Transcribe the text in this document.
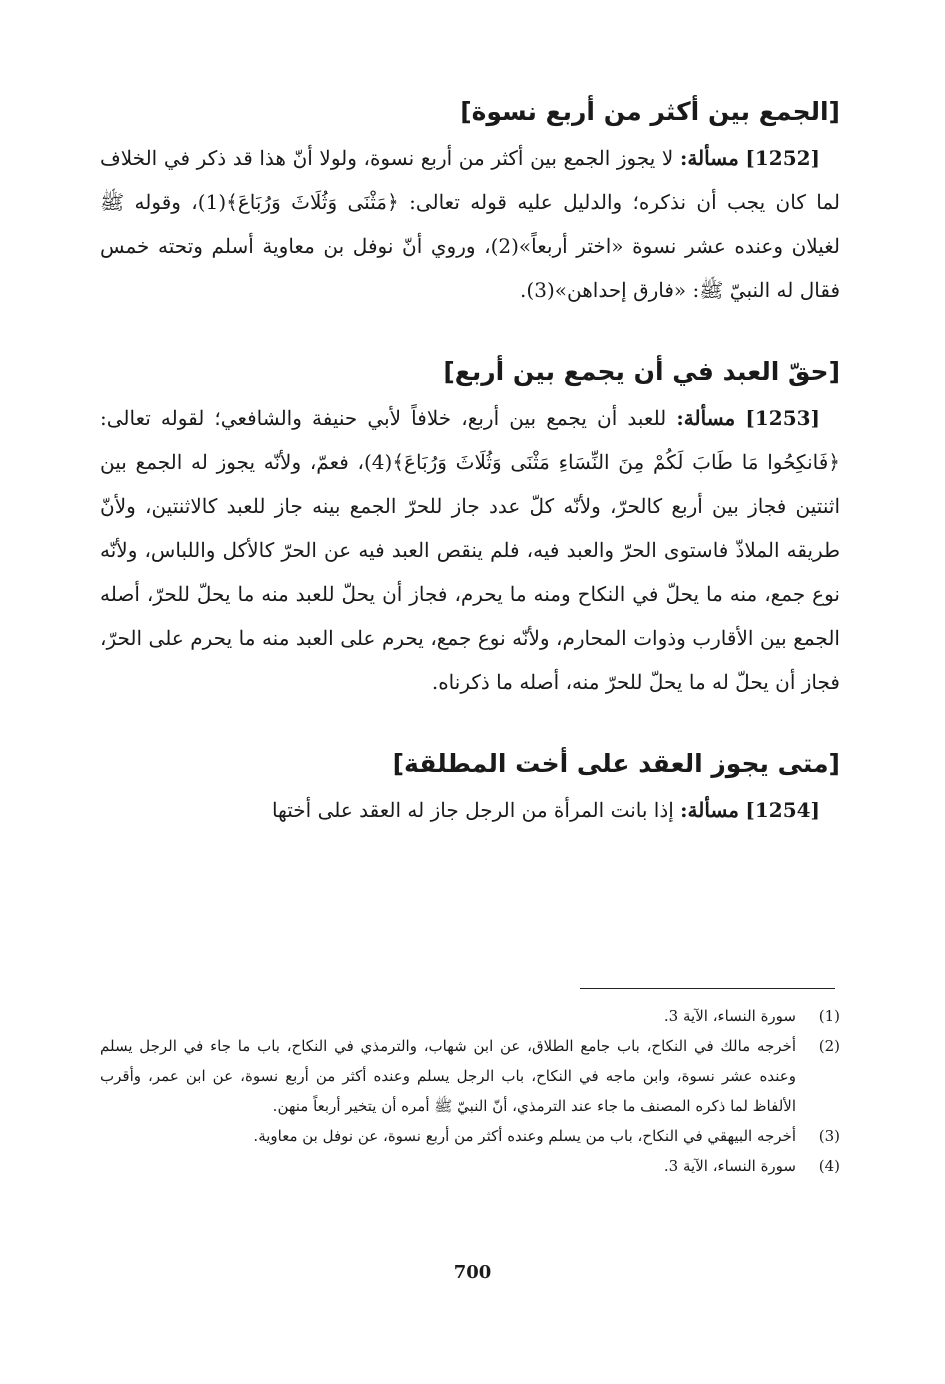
[الجمع بين أكثر من أربع نسوة]

 [1252] مسألة: لا يجوز الجمع بين أكثر من أربع نسوة، ولولا أنّ هذا قد ذكر في الخلاف لما كان يجب أن نذكره؛ والدليل عليه قوله تعالى: ﴿مَثْنَى وَثُلَاثَ وَرُبَاعَ﴾(1)، وقوله ﷺ لغيلان وعنده عشر نسوة «اختر أربعاً»(2)، وروي أنّ نوفل بن معاوية أسلم وتحته خمس فقال له النبيّ ﷺ: «فارق إحداهن»(3).

[حقّ العبد في أن يجمع بين أربع]

 [1253] مسألة: للعبد أن يجمع بين أربع، خلافاً لأبي حنيفة والشافعي؛ لقوله تعالى: ﴿فَانكِحُوا مَا طَابَ لَكُمْ مِنَ النِّسَاءِ مَثْنَى وَثُلَاثَ وَرُبَاعَ﴾(4)، فعمّ، ولأنّه يجوز له الجمع بين اثنتين فجاز بين أربع كالحرّ، ولأنّه كلّ عدد جاز للحرّ الجمع بينه جاز للعبد كالاثنتين، ولأنّ طريقه الملاذّ فاستوى الحرّ والعبد فيه، فلم ينقص العبد فيه عن الحرّ كالأكل واللباس، ولأنّه نوع جمع، منه ما يحلّ في النكاح ومنه ما يحرم، فجاز أن يحلّ للعبد منه ما يحلّ للحرّ، أصله الجمع بين الأقارب وذوات المحارم، ولأنّه نوع جمع، يحرم على العبد منه ما يحرم على الحرّ، فجاز أن يحلّ له ما يحلّ للحرّ منه، أصله ما ذكرناه.

[متى يجوز العقد على أخت المطلقة]

 [1254] مسألة: إذا بانت المرأة من الرجل جاز له العقد على أختها

(1)
سورة النساء، الآية 3.
(2)
أخرجه مالك في النكاح، باب جامع الطلاق، عن ابن شهاب، والترمذي في النكاح، باب ما جاء في الرجل يسلم وعنده عشر نسوة، وابن ماجه في النكاح، باب الرجل يسلم وعنده أكثر من أربع نسوة، عن ابن عمر، وأقرب الألفاظ لما ذكره المصنف ما جاء عند الترمذي، أنّ النبيّ ﷺ أمره أن يتخير أربعاً منهن.
(3)
أخرجه البيهقي في النكاح، باب من يسلم وعنده أكثر من أربع نسوة، عن نوفل بن معاوية.
(4)
سورة النساء، الآية 3.
700
